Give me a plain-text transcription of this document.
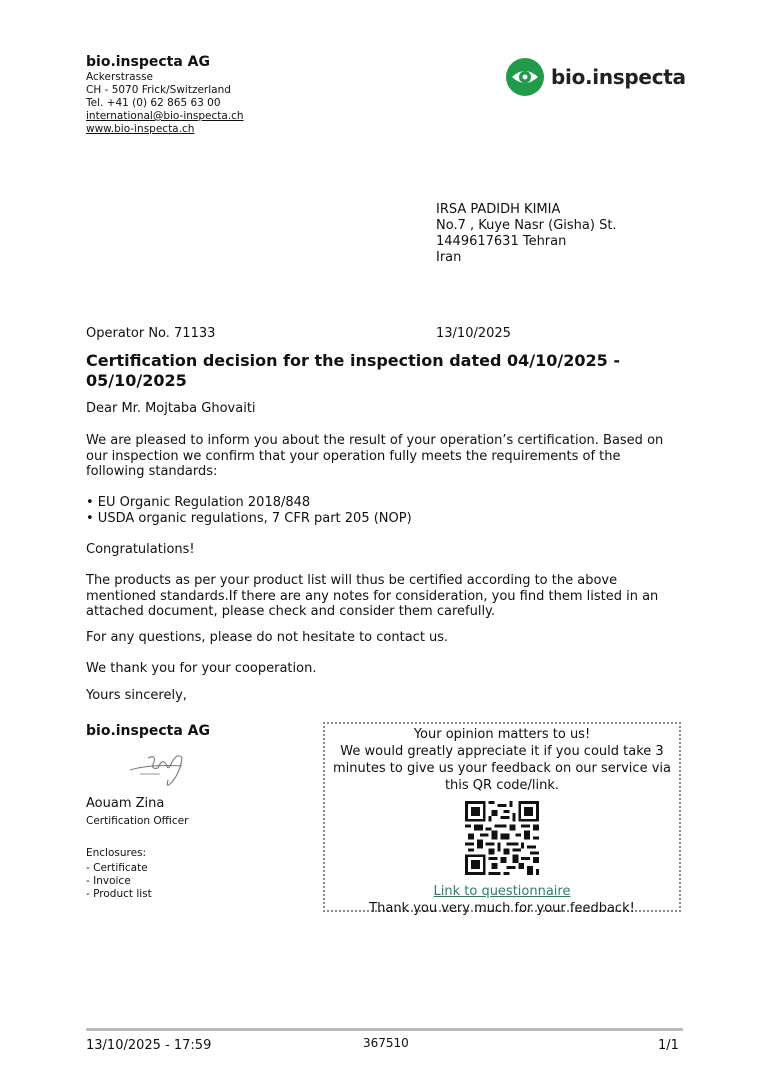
bio.inspecta AG
Ackerstrasse
CH - 5070 Frick/Switzerland
Tel. +41 (0) 62 865 63 00
international@bio-inspecta.ch
www.bio-inspecta.ch
bio.inspecta
IRSA PADIDH KIMIA
No.7 , Kuye Nasr (Gisha) St.
1449617631 Tehran
Iran
Operator No. 71133	13/10/2025
Certification decision for the inspection dated 04/10/2025 - 05/10/2025
Dear Mr. Mojtaba Ghovaiti
We are pleased to inform you about the result of your operation’s certification. Based on our inspection we confirm that your operation fully meets the requirements of the following standards:
• EU Organic Regulation 2018/848
• USDA organic regulations, 7 CFR part 205 (NOP)
Congratulations!
The products as per your product list will thus be certified according to the above mentioned standards.If there are any notes for consideration, you find them listed in an attached document, please check and consider them carefully.
For any questions, please do not hesitate to contact us.
We thank you for your cooperation.
Yours sincerely,
bio.inspecta AG
Aouam Zina
Certification Officer
Enclosures:
- Certificate
- Invoice
- Product list
Your opinion matters to us!
We would greatly appreciate it if you could take 3 minutes to give us your feedback on our service via this QR code/link.
Link to questionnaire
Thank you very much for your feedback!
13/10/2025 - 17:59	367510	1/1
